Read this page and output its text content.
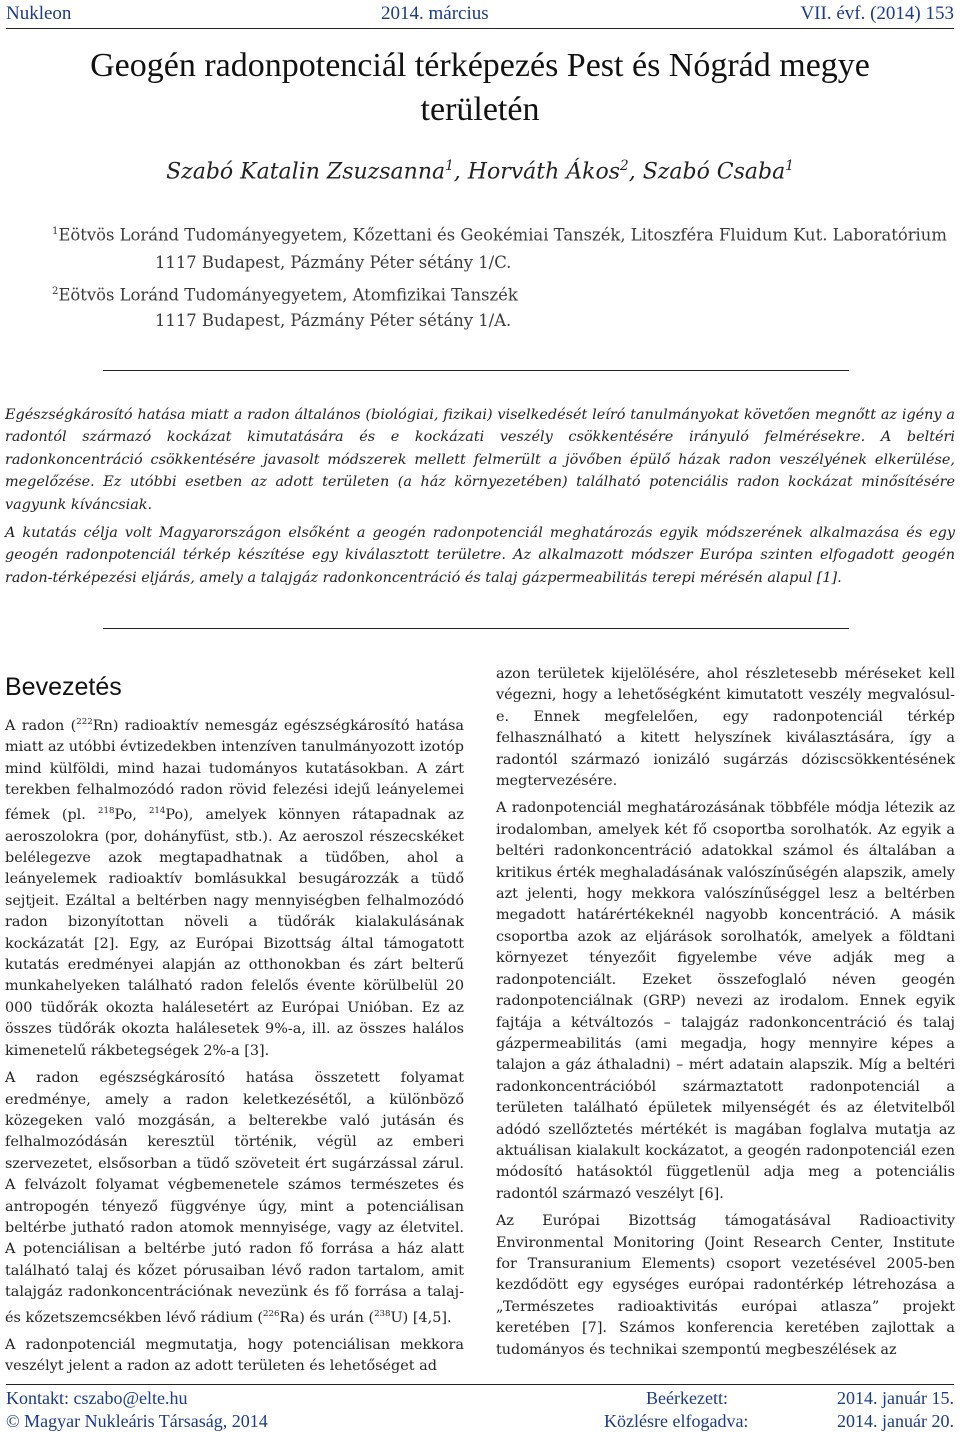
Nukleon	2014. március	VII. évf. (2014) 153
Geogén radonpotenciál térképezés Pest és Nógrád megye
területén
Szabó Katalin Zsuzsanna$^1$, Horváth Ákos$^2$, Szabó Csaba$^1$
$^1$Eötvös Loránd Tudományegyetem, Kőzettani és Geokémiai Tanszék, Litoszféra Fluidum Kut. Laboratórium
1117 Budapest, Pázmány Péter sétány 1/C.
$^2$Eötvös Loránd Tudományegyetem, Atomfizikai Tanszék
1117 Budapest, Pázmány Péter sétány 1/A.

Egészségkárosító hatása miatt a radon általános (biológiai, fizikai) viselkedését leíró tanulmányokat követően megnőtt az igény a radontól származó kockázat kimutatására és e kockázati veszély csökkentésére irányuló felmérésekre. A beltéri radonkoncentráció csökkentésére javasolt módszerek mellett felmerült a jövőben épülő házak radon veszélyének elkerülése, megelőzése. Ez utóbbi esetben az adott területen (a ház környezetében) található potenciális radon kockázat minősítésére vagyunk kíváncsiak.

A kutatás célja volt Magyarországon elsőként a geogén radonpotenciál meghatározás egyik módszerének alkalmazása és egy geogén radonpotenciál térkép készítése egy kiválasztott területre. Az alkalmazott módszer Európa szinten elfogadott geogén radon-térképezési eljárás, amely a talajgáz radonkoncentráció és talaj gázpermeabilitás terepi mérésén alapul [1].

Bevezetés

A radon ($^{222}$Rn) radioaktív nemesgáz egészségkárosító hatása miatt az utóbbi évtizedekben intenzíven tanulmányozott izotóp mind külföldi, mind hazai tudományos kutatásokban. A zárt terekben felhalmozódó radon rövid felezési idejű leányelemei fémek (pl. $^{218}$Po, $^{214}$Po), amelyek könnyen rátapadnak az aeroszolokra (por, dohányfüst, stb.). Az aeroszol részecskéket belélegezve azok megtapadhatnak a tüdőben, ahol a leányelemek radioaktív bomlásukkal besugározzák a tüdő sejtjeit. Ezáltal a beltérben nagy mennyiségben felhalmozódó radon bizonyítottan növeli a tüdőrák kialakulásának kockázatát [2]. Egy, az Európai Bizottság által támogatott kutatás eredményei alapján az otthonokban és zárt belterű munkahelyeken található radon felelős évente körülbelül 20 000 tüdőrák okozta halálesetért az Európai Unióban. Ez az összes tüdőrák okozta halálesetek 9%-a, ill. az összes halálos kimenetelű rákbetegségek 2%-a [3].

A radon egészségkárosító hatása összetett folyamat eredménye, amely a radon keletkezésétől, a különböző közegeken való mozgásán, a belterekbe való jutásán és felhalmozódásán keresztül történik, végül az emberi szervezetet, elsősorban a tüdő szöveteit ért sugárzással zárul. A felvázolt folyamat végbemenetele számos természetes és antropogén tényező függvénye úgy, mint a potenciálisan beltérbe jutható radon atomok mennyisége, vagy az életvitel. A potenciálisan a beltérbe jutó radon fő forrása a ház alatt található talaj és kőzet pórusaiban lévő radon tartalom, amit talajgáz radonkoncentrációnak nevezünk és fő forrása a talaj- és kőzetszemcsékben lévő rádium ($^{226}$Ra) és urán ($^{238}$U) [4,5].

A radonpotenciál megmutatja, hogy potenciálisan mekkora veszélyt jelent a radon az adott területen és lehetőséget ad

azon területek kijelölésére, ahol részletesebb méréseket kell végezni, hogy a lehetőségként kimutatott veszély megvalósul-e. Ennek megfelelően, egy radonpotenciál térkép felhasználható a kitett helyszínek kiválasztására, így a radontól származó ionizáló sugárzás dóziscsökkentésének megtervezésére.

A radonpotenciál meghatározásának többféle módja létezik az irodalomban, amelyek két fő csoportba sorolhatók. Az egyik a beltéri radonkoncentráció adatokkal számol és általában a kritikus érték meghaladásának valószínűségén alapszik, amely azt jelenti, hogy mekkora valószínűséggel lesz a beltérben megadott határértékeknél nagyobb koncentráció. A másik csoportba azok az eljárások sorolhatók, amelyek a földtani környezet tényezőit figyelembe véve adják meg a radonpotenciált. Ezeket összefoglaló néven geogén radonpotenciálnak (GRP) nevezi az irodalom. Ennek egyik fajtája a kétváltozós – talajgáz radonkoncentráció és talaj gázpermeabilitás (ami megadja, hogy mennyire képes a talajon a gáz áthaladni) – mért adatain alapszik. Míg a beltéri radonkoncentrációból származtatott radonpotenciál a területen található épületek milyenségét és az életvitelből adódó szellőztetés mértékét is magában foglalva mutatja az aktuálisan kialakult kockázatot, a geogén radonpotenciál ezen módosító hatásoktól függetlenül adja meg a potenciális radontól származó veszélyt [6].

Az Európai Bizottság támogatásával Radioactivity Environmental Monitoring (Joint Research Center, Institute for Transuranium Elements) csoport vezetésével 2005-ben kezdődött egy egységes európai radontérkép létrehozása a „Természetes radioaktivitás európai atlasza” projekt keretében [7]. Számos konferencia keretében zajlottak a tudományos és technikai szempontú megbeszélések az

Kontakt: cszabo@elte.hu	Beérkezett:	2014. január 15.
© Magyar Nukleáris Társaság, 2014	Közlésre elfogadva:	2014. január 20.
